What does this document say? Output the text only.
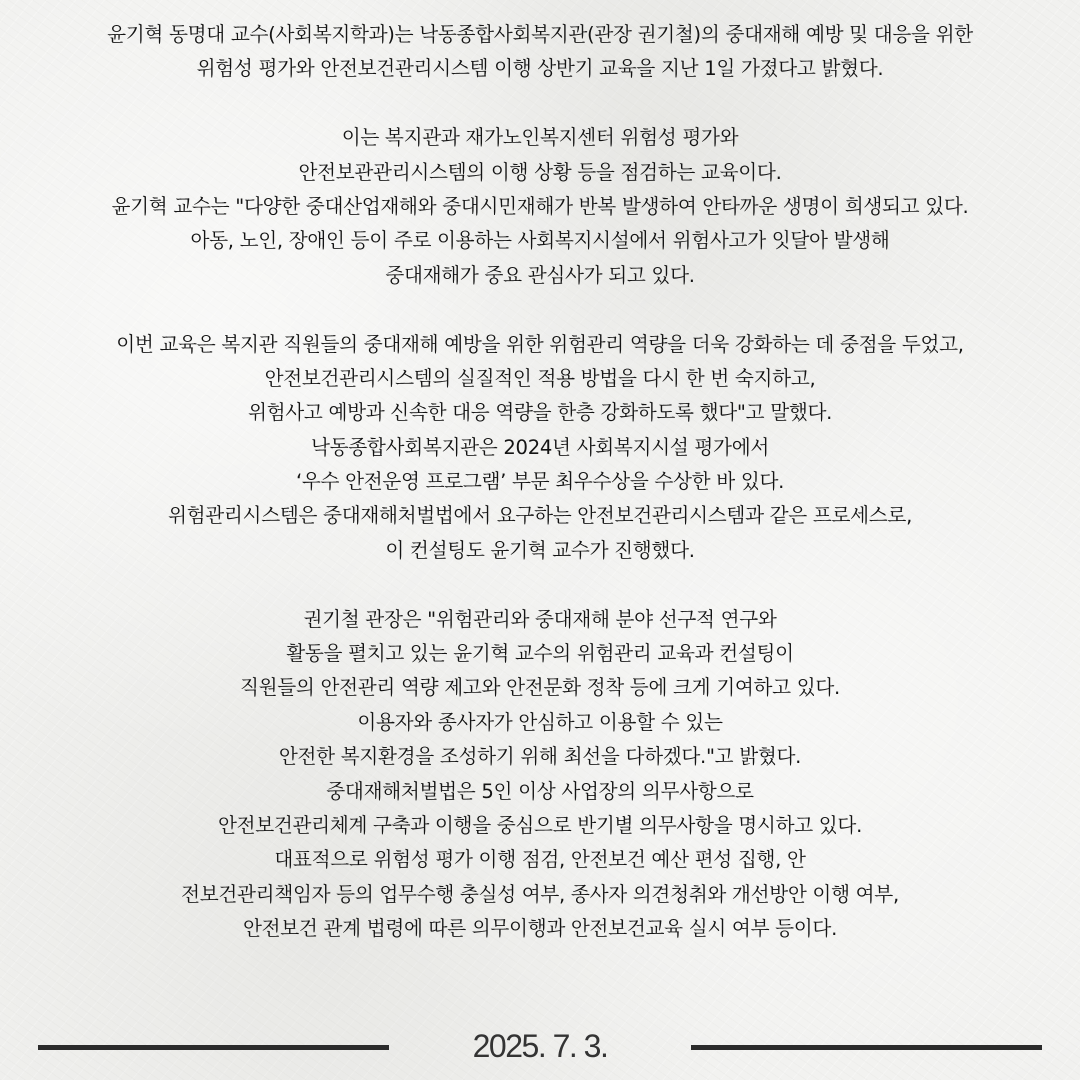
윤기혁 동명대 교수(사회복지학과)는 낙동종합사회복지관(관장 권기철)의 중대재해 예방 및 대응을 위한
위험성 평가와 안전보건관리시스템 이행 상반기 교육을 지난 1일 가졌다고 밝혔다.
이는 복지관과 재가노인복지센터 위험성 평가와
안전보관관리시스템의 이행 상황 등을 점검하는 교육이다.
윤기혁 교수는 "다양한 중대산업재해와 중대시민재해가 반복 발생하여 안타까운 생명이 희생되고 있다.
아동, 노인, 장애인 등이 주로 이용하는 사회복지시설에서 위험사고가 잇달아 발생해
중대재해가 중요 관심사가 되고 있다.
이번 교육은 복지관 직원들의 중대재해 예방을 위한 위험관리 역량을 더욱 강화하는 데 중점을 두었고,
안전보건관리시스템의 실질적인 적용 방법을 다시 한 번 숙지하고,
위험사고 예방과 신속한 대응 역량을 한층 강화하도록 했다"고 말했다.
낙동종합사회복지관은 2024년 사회복지시설 평가에서
‘우수 안전운영 프로그램’ 부문 최우수상을 수상한 바 있다.
위험관리시스템은 중대재해처벌법에서 요구하는 안전보건관리시스템과 같은 프로세스로,
이 컨설팅도 윤기혁 교수가 진행했다.
권기철 관장은 "위험관리와 중대재해 분야 선구적 연구와
활동을 펼치고 있는 윤기혁 교수의 위험관리 교육과 컨설팅이
직원들의 안전관리 역량 제고와 안전문화 정착 등에 크게 기여하고 있다.
이용자와 종사자가 안심하고 이용할 수 있는
안전한 복지환경을 조성하기 위해 최선을 다하겠다."고 밝혔다.
중대재해처벌법은 5인 이상 사업장의 의무사항으로
안전보건관리체계 구축과 이행을 중심으로 반기별 의무사항을 명시하고 있다.
대표적으로 위험성 평가 이행 점검, 안전보건 예산 편성 집행, 안
전보건관리책임자 등의 업무수행 충실성 여부, 종사자 의견청취와 개선방안 이행 여부,
안전보건 관계 법령에 따른 의무이행과 안전보건교육 실시 여부 등이다.
2025. 7. 3.
